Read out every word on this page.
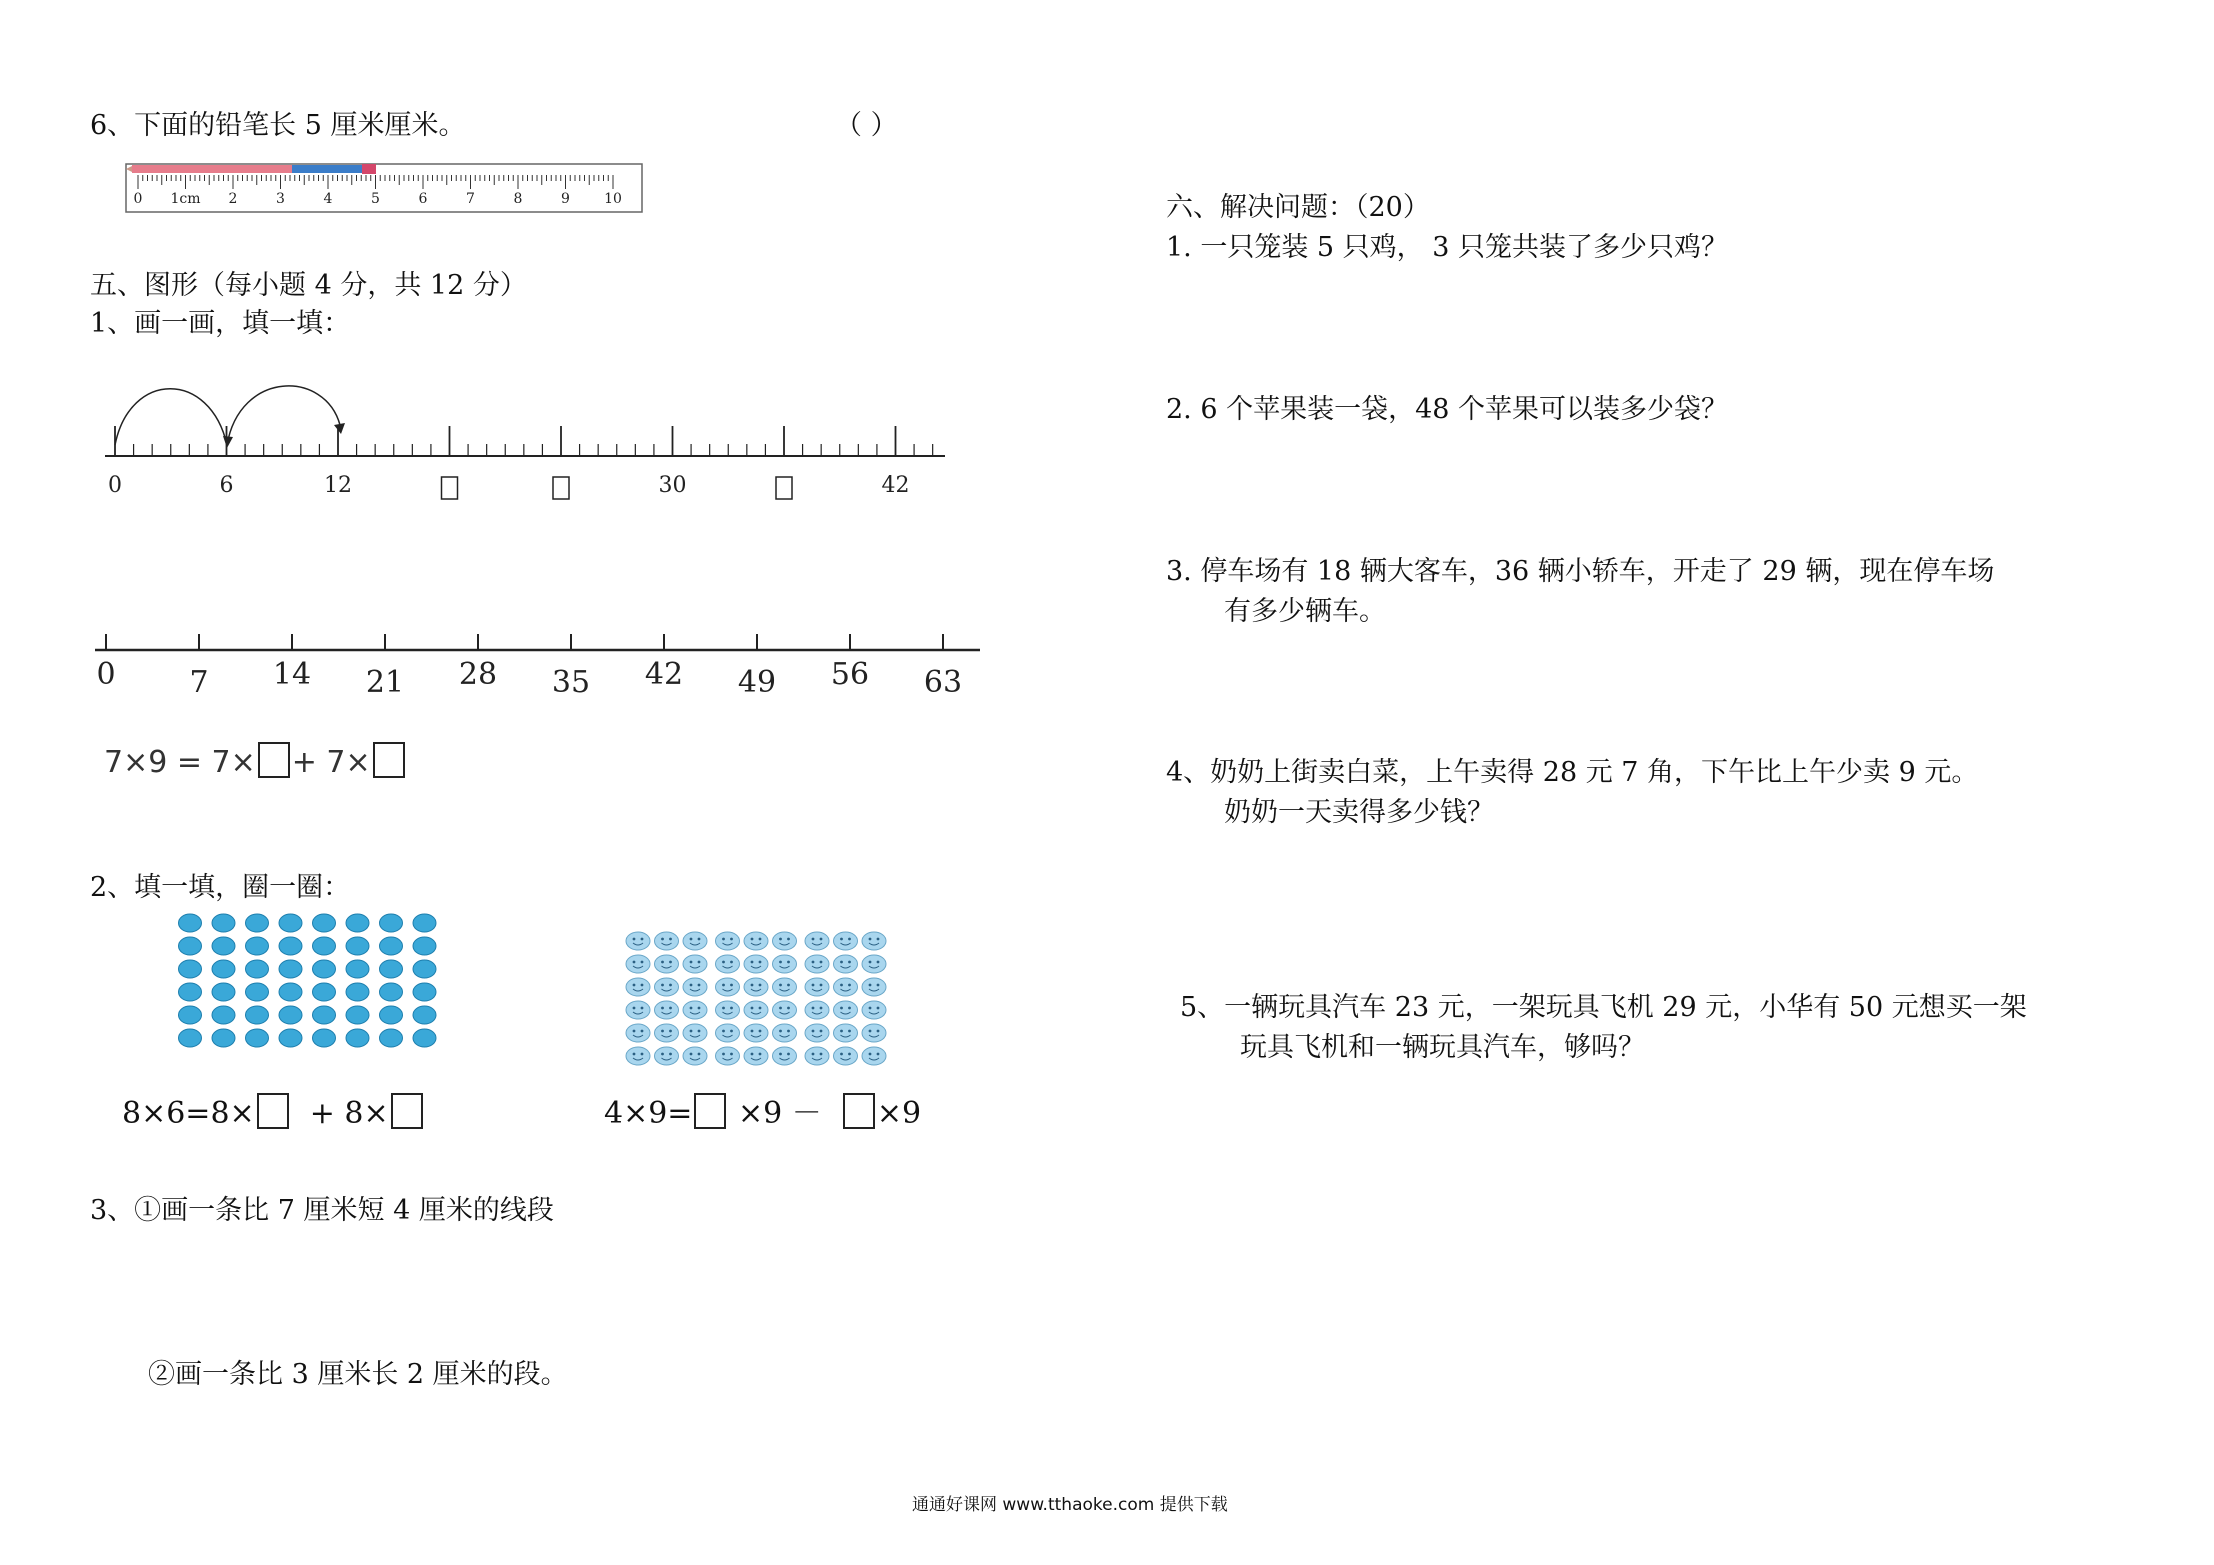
6、下面的铅笔长 5 厘米厘米。	（ ）
0 1cm 2	3	4	5	6	7	8	9 10
五、图形（每小题 4 分，共 12 分）
1、画一画，填一填：
0	6	12	30	42
0 7 14 21 28 35 42 49 56 63
7×9 = 7× + 7×
2、填一填，圈一圈：
8×6=8× + 8×	4×9= ×9 － ×9
3、①画一条比 7 厘米短 4 厘米的线段
②画一条比 3 厘米长 2 厘米的段。
六、解决问题：（20）
1. 一只笼装 5 只鸡， 3 只笼共装了多少只鸡？
2. 6 个苹果装一袋，48 个苹果可以装多少袋？
3. 停车场有 18 辆大客车，36 辆小轿车，开走了 29 辆，现在停车场
有多少辆车。
4、奶奶上街卖白菜，上午卖得 28 元 7 角，下午比上午少卖 9 元。
奶奶一天卖得多少钱？
5、一辆玩具汽车 23 元，一架玩具飞机 29 元，小华有 50 元想买一架
玩具飞机和一辆玩具汽车，够吗？
通通好课网 www.tthaoke.com 提供下载
